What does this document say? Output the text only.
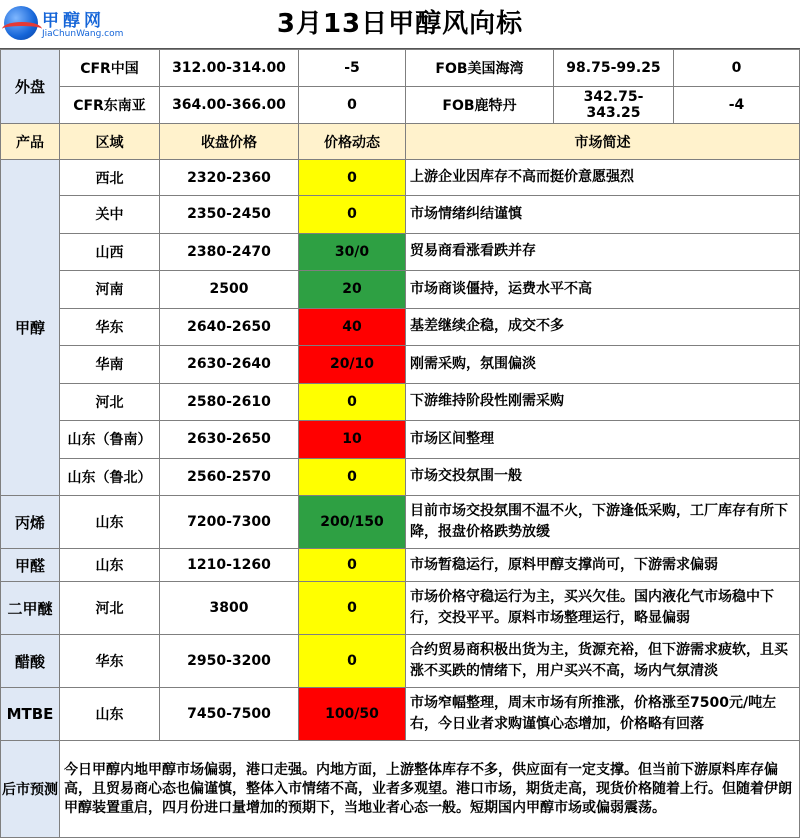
甲醇网
JiaChunWang.com	3月13日甲醇风向标
外盘	CFR中国	312.00-314.00	-5	FOB美国海湾	98.75-99.25	0
	CFR东南亚	364.00-366.00	0	FOB鹿特丹	342.75-343.25	-4
产品	区域	收盘价格	价格动态	市场简述		
甲醇	西北	2320-2360	0	上游企业因库存不高而挺价意愿强烈		
	关中	2350-2450	0	市场情绪纠结谨慎		
	山西	2380-2470	30/0	贸易商看涨看跌并存		
	河南	2500	20	市场商谈僵持，运费水平不高		
	华东	2640-2650	40	基差继续企稳，成交不多		
	华南	2630-2640	20/10	刚需采购，氛围偏淡		
	河北	2580-2610	0	下游维持阶段性刚需采购		
	山东（鲁南）	2630-2650	10	市场区间整理		
	山东（鲁北）	2560-2570	0	市场交投氛围一般		
丙烯	山东	7200-7300	200/150	目前市场交投氛围不温不火，下游逢低采购，工厂库存有所下降，报盘价格跌势放缓		
甲醛	山东	1210-1260	0	市场暂稳运行，原料甲醇支撑尚可，下游需求偏弱		
二甲醚	河北	3800	0	市场价格守稳运行为主，买兴欠佳。国内液化气市场稳中下行，交投平平。原料市场整理运行，略显偏弱		
醋酸	华东	2950-3200	0	合约贸易商积极出货为主，货源充裕，但下游需求疲软，且买涨不买跌的情绪下，用户买兴不高，场内气氛清淡		
MTBE	山东	7450-7500	100/50	市场窄幅整理，周末市场有所推涨，价格涨至7500元/吨左右，今日业者求购谨慎心态增加，价格略有回落		
后市预测	今日甲醇内地甲醇市场偏弱，港口走强。内地方面，上游整体库存不多，供应面有一定支撑。但当前下游原料库存偏高，且贸易商心态也偏谨慎，整体入市情绪不高，业者多观望。港口市场，期货走高，现货价格随着上行。但随着伊朗甲醇装置重启，四月份进口量增加的预期下，当地业者心态一般。短期国内甲醇市场或偏弱震荡。					
